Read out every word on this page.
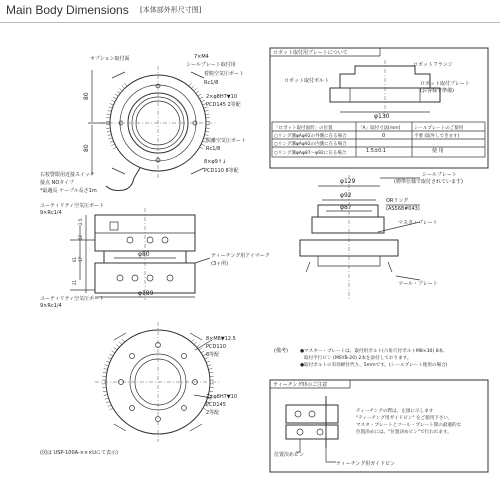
Main Body Dimensions [本体部外形尺寸图]
オプション取付面	7×M4
シールプレート取付用
着脱空気圧ポート
Rc1/8
2×φ8H7▼10
PCD145 2等配
脱離空気圧ポート
Rc1/8
8×φ9↑↓
PCD110 8等配
右校警限用近接スイッチ
接点 NOタイプ
*最適長 ケーブル長さ1m
80
80
ユーティリティ空気圧ポート
9×Rc1/4
ティーチング用アイマーク
(3ヶ所)
ユーティリティ空気圧ポート
9×Rc1/4
φ80
φ189
2.5
12
17
61
21
ロボット取付用プレートについて
ロボットフランジ
ロボット取付ボルト	ロボット取付プレート
(お客様で準備)
φ130
「ロボット取付面形」の位置	「A」取付寸法[mm]	シールプレートのご使用
○リング溝φAφ92の外側に在る場合	0	不要 (取外しできます)
○リング溝φAφ92の内側に在る場合
○リング溝φAφ87～φ92に在る場合	1.5±0.1	使 用
シールプレート
(標準仕様で取付されています)
φ129
φ92
φ87
ORリング
(AS568#043)
マスタ・プレート
ツール・プレート
8×M8▼12.5
PCD110
8等配
2×φ8H7▼10
PCD145
2等配
(備考)	●マスター・プレートは、取付用ボルト(六角穴付ボルトM8×30) 8本,
取付平行ピン (MSYB-20) 2本を添付しております。
●取付ボルトの有効締付代り、5mmです。(シールプレート使用の場合)
ティーチング時のご注意
位置決めピン
ティーチング用ガイドピン
ティーチングの際は、左図に示します
"ティーチング用ガイドピン" をご使用下さい。
マスタ・プレートとツール・プレート間の最適的な
位置決めには、"位置決めピン"で行われます。
(図は USP-100A-×××Uにて表示)
